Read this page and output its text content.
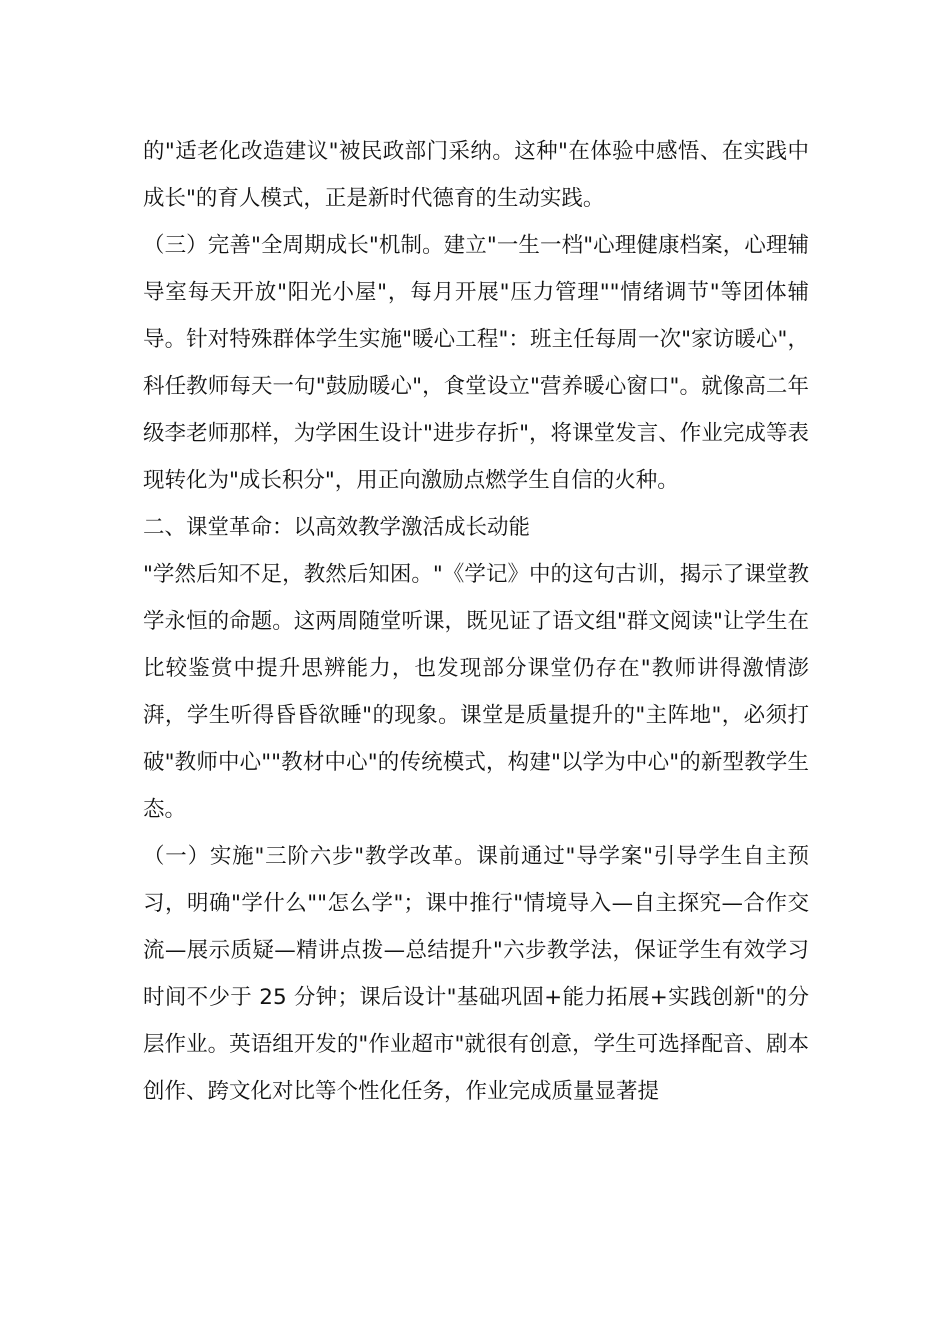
的"适老化改造建议"被民政部门采纳。这种"在体验中感悟、在实践中成长"的育人模式，正是新时代德育的生动实践。

（三）完善"全周期成长"机制。建立"一生一档"心理健康档案，心理辅导室每天开放"阳光小屋"，每月开展"压力管理""情绪调节"等团体辅导。针对特殊群体学生实施"暖心工程"：班主任每周一次"家访暖心"，科任教师每天一句"鼓励暖心"，食堂设立"营养暖心窗口"。就像高二年级李老师那样，为学困生设计"进步存折"，将课堂发言、作业完成等表现转化为"成长积分"，用正向激励点燃学生自信的火种。

二、课堂革命：以高效教学激活成长动能

"学然后知不足，教然后知困。"《学记》中的这句古训，揭示了课堂教学永恒的命题。这两周随堂听课，既见证了语文组"群文阅读"让学生在比较鉴赏中提升思辨能力，也发现部分课堂仍存在"教师讲得激情澎湃，学生听得昏昏欲睡"的现象。课堂是质量提升的"主阵地"，必须打破"教师中心""教材中心"的传统模式，构建"以学为中心"的新型教学生态。

（一）实施"三阶六步"教学改革。课前通过"导学案"引导学生自主预习，明确"学什么""怎么学"；课中推行"情境导入—自主探究—合作交流—展示质疑—精讲点拨—总结提升"六步教学法，保证学生有效学习时间不少于 25 分钟；课后设计"基础巩固+能力拓展+实践创新"的分层作业。英语组开发的"作业超市"就很有创意，学生可选择配音、剧本创作、跨文化对比等个性化任务，作业完成质量显著提
